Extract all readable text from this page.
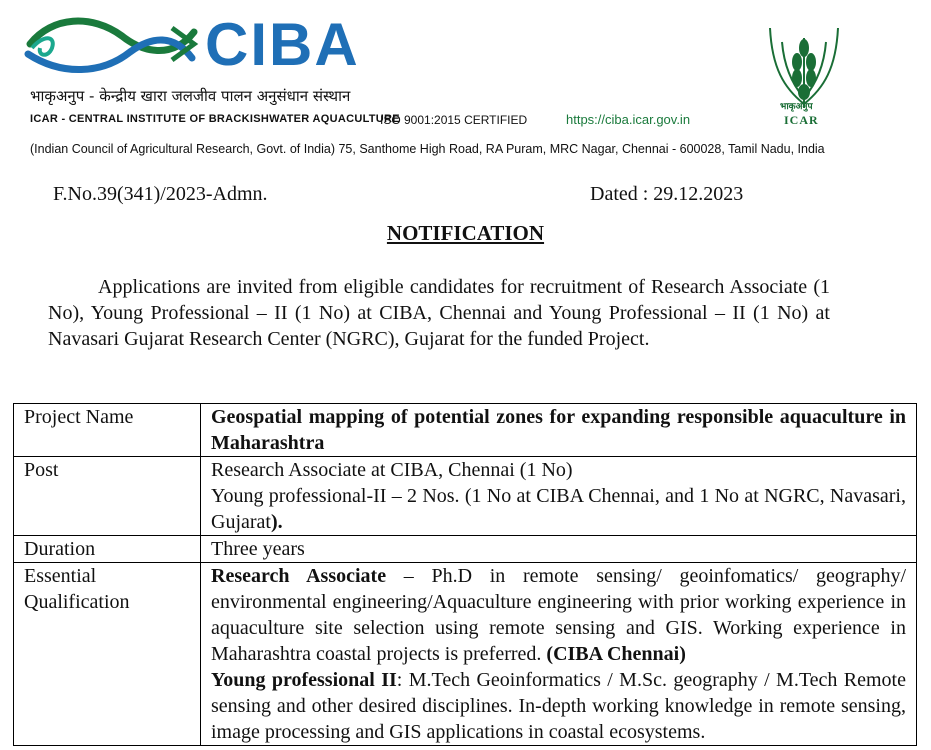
CIBA
भाकृअनुप - केन्द्रीय खारा जलजीव पालन अनुसंधान संस्थान
ICAR - CENTRAL INSTITUTE OF BRACKISHWATER AQUACULTURE
ISO 9001:2015 CERTIFIED	https://ciba.icar.gov.in
भाकृअनुप
ICAR
(Indian Council of Agricultural Research, Govt. of India) 75, Santhome High Road, RA Puram, MRC Nagar, Chennai - 600028, Tamil Nadu, India
F.No.39(341)/2023-Admn.	Dated : 29.12.2023
NOTIFICATION
   Applications are invited from eligible candidates for recruitment of Research Associate (1 No), Young Professional – II (1 No) at CIBA, Chennai and Young Professional – II (1 No) at Navasari Gujarat Research Center (NGRC), Gujarat for the funded Project.
Project Name	Geospatial mapping of potential zones for expanding responsible aquaculture in Maharashtra
Post	Research Associate at CIBA, Chennai (1 No)
Young professional-II – 2 Nos. (1 No at CIBA Chennai, and 1 No at NGRC, Navasari, Gujarat).

Duration	Three years
Essential Qualification	Research Associate – Ph.D in remote sensing/ geoinfomatics/ geography/ environmental engineering/Aquaculture engineering with prior working experience in aquaculture site selection using remote sensing and GIS. Working experience in Maharashtra coastal projects is preferred. (CIBA Chennai)
Young professional II: M.Tech Geoinformatics / M.Sc. geography / M.Tech Remote sensing and other desired disciplines. In-depth working knowledge in remote sensing, image processing and GIS applications in coastal ecosystems.
